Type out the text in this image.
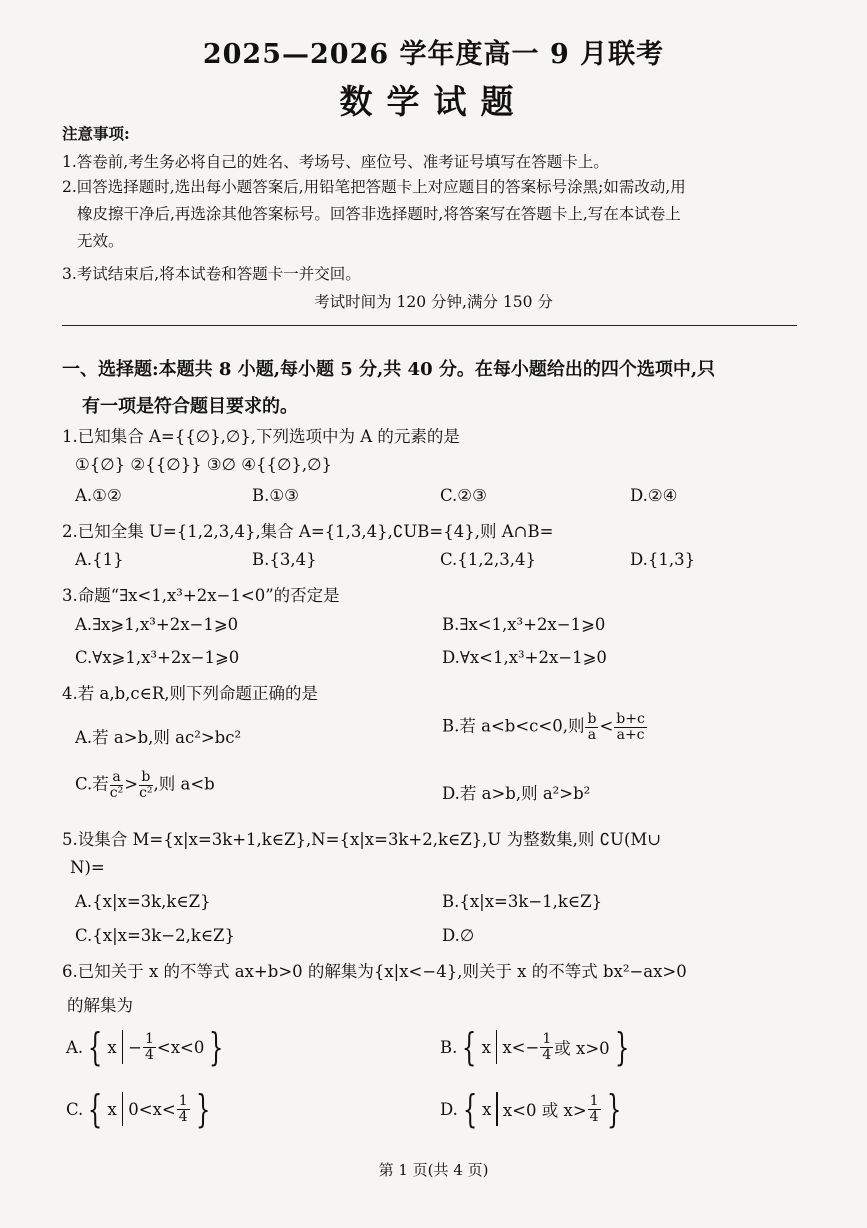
2025—2026 学年度高一 9 月联考
数学试题
注意事项:
1.答卷前,考生务必将自己的姓名、考场号、座位号、准考证号填写在答题卡上。
2.回答选择题时,选出每小题答案后,用铅笔把答题卡上对应题目的答案标号涂黑;如需改动,用
橡皮擦干净后,再选涂其他答案标号。回答非选择题时,将答案写在答题卡上,写在本试卷上
无效。
3.考试结束后,将本试卷和答题卡一并交回。
考试时间为 120 分钟,满分 150 分
一、选择题:本题共 8 小题,每小题 5 分,共 40 分。在每小题给出的四个选项中,只
有一项是符合题目要求的。
1.已知集合 A={{∅},∅},下列选项中为 A 的元素的是
①{∅} ②{{∅}} ③∅ ④{{∅},∅}
A.①②	B.①③	C.②③	D.②④
2.已知全集 U={1,2,3,4},集合 A={1,3,4},∁UB={4},则 A∩B=
A.{1}	B.{3,4}	C.{1,2,3,4}	D.{1,3}
3.命题“∃x<1,x³+2x−1<0”的否定是
A.∃x⩾1,x³+2x−1⩾0	B.∃x<1,x³+2x−1⩾0
C.∀x⩾1,x³+2x−1⩾0	D.∀x<1,x³+2x−1⩾0
4.若 a,b,c∈R,则下列命题正确的是
A.若 a>b,则 ac²>bc²
B.若 a<b<c<0,则 $\frac{b}{a} < \frac{b+c}{a+c}$
C.若 $\frac{a}{\text{c²}} > \frac{b}{\text{c²}}$ ,则 a<b	D.若 a>b,则 a²>b²
5.设集合 M={x|x=3k+1,k∈Z},N={x|x=3k+2,k∈Z},U 为整数集,则 ∁U(M∪
N)=
A.{x|x=3k,k∈Z}	B.{x|x=3k−1,k∈Z}
C.{x|x=3k−2,k∈Z}	D.∅
6.已知关于 x 的不等式 ax+b>0 的解集为{x|x<−4},则关于 x 的不等式 bx²−ax>0
的解集为
A. { $x - \frac{1}{4} <x<0$ }	B. { x $x<- \frac{1}{4}$ 或 x>0 }
C. { x $0<x< \frac{1}{4}$ }	D. { x x<0 或 $x> \frac{1}{4}$ }
第 1 页(共 4 页)
